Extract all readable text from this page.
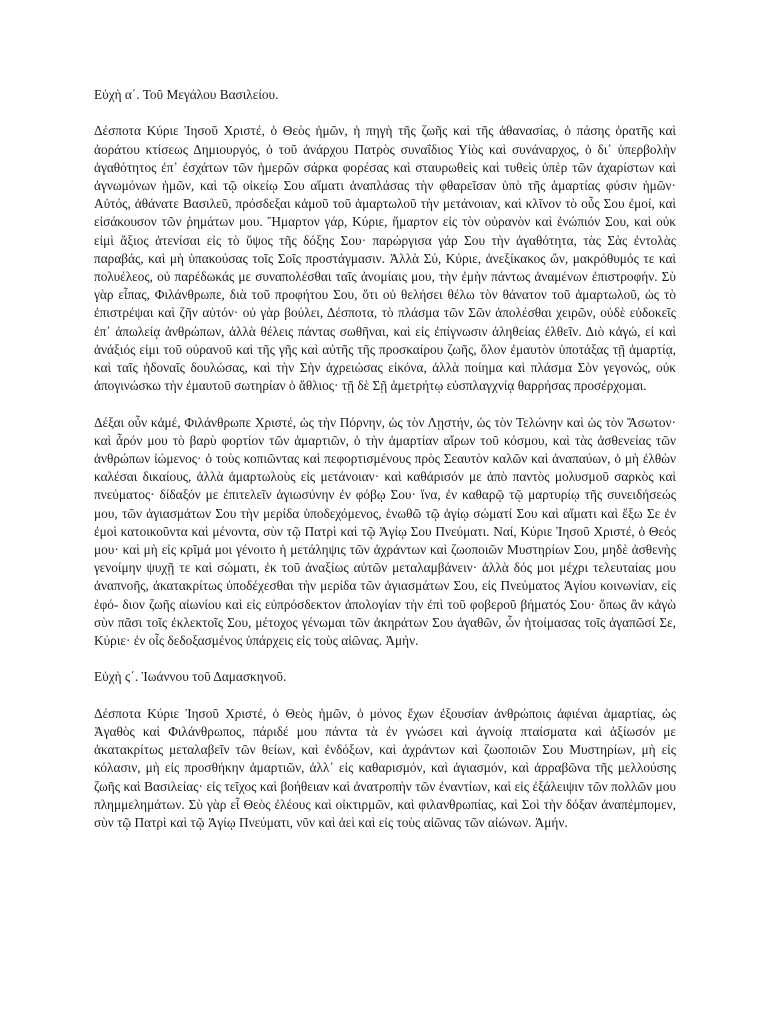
Εὐχὴ α΄. Τοῦ Μεγάλου Βασιλείου.

Δέσποτα Κύριε Ἰησοῦ Χριστέ, ὁ Θεὸς ἡμῶν, ἡ πηγὴ τῆς ζωῆς καὶ τῆς ἀθανασίας, ὁ πάσης ὁρατῆς καὶ ἀοράτου κτίσεως Δημιουργός, ὁ τοῦ ἀνάρχου Πατρὸς συναΐδιος Υἱὸς καὶ συνάναρχος, ὁ δι᾽ ὑπερβολὴν ἀγαθότητος ἐπ᾽ ἐσχάτων τῶν ἡμερῶν σάρκα φορέσας καὶ σταυρωθεὶς καὶ τυθεὶς ὑπὲρ τῶν ἀχαρίστων καὶ ἀγνωμόνων ἡμῶν, καὶ τῷ οἰκείῳ Σου αἵματι ἀναπλάσας τὴν φθαρεῖσαν ὑπὸ τῆς ἁμαρτίας φύσιν ἡμῶν· Αὐτός, ἀθάνατε Βασιλεῦ, πρόσδεξαι κἀμοῦ τοῦ ἁμαρτωλοῦ τὴν μετάνοιαν, καὶ κλῖνον τὸ οὖς Σου ἐμοί, καὶ εἰσάκουσον τῶν ῥημάτων μου. Ἥμαρτον γάρ, Κύριε, ἥμαρτον εἰς τὸν οὐρανὸν καὶ ἐνώπιόν Σου, καὶ οὐκ εἰμὶ ἄξιος ἀτενίσαι εἰς τὸ ὕψος τῆς δόξης Σου· παρώργισα γάρ Σου τὴν ἀγαθότητα, τὰς Σὰς ἐντολὰς παραβάς, καὶ μὴ ὑπακούσας τοῖς Σοῖς προστάγμασιν. Ἀλλὰ Σύ, Κύριε, ἀνεξίκακος ὤν, μακρόθυμός τε καὶ πολυέλεος, οὐ παρέδωκάς με συναπολέσθαι ταῖς ἀνομίαις μου, τὴν ἐμὴν πάντως ἀναμένων ἐπιστροφήν. Σὺ γὰρ εἶπας, Φιλάνθρωπε, διὰ τοῦ προφήτου Σου, ὅτι οὐ θελήσει θέλω τὸν θάνατον τοῦ ἁμαρτωλοῦ, ὡς τὸ ἐπιστρέψαι καὶ ζῆν αὐτόν· οὐ γὰρ βούλει, Δέσποτα, τὸ πλάσμα τῶν Σῶν ἀπολέσθαι χειρῶν, οὐδὲ εὐδοκεῖς ἐπ᾽ ἀπωλείᾳ ἀνθρώπων, ἀλλὰ θέλεις πάντας σωθῆναι, καὶ εἰς ἐπίγνωσιν ἀληθείας ἐλθεῖν. Διὸ κἀγώ, εἰ καὶ ἀνάξιός εἰμι τοῦ οὐρανοῦ καὶ τῆς γῆς καὶ αὐτῆς τῆς προσκαίρου ζωῆς, ὅλον ἐμαυτὸν ὑποτάξας τῇ ἁμαρτίᾳ, καὶ ταῖς ἡδοναῖς δουλώσας, καὶ τὴν Σὴν ἀχρειώσας εἰκόνα, ἀλλὰ ποίημα καὶ πλάσμα Σὸν γεγονώς, οὐκ ἀπογινώσκω τὴν ἐμαυτοῦ σωτηρίαν ὁ ἄθλιος· τῇ δὲ Σῇ ἀμετρήτῳ εὐσπλαγχνίᾳ θαρρήσας προσέρχομαι.

Δέξαι οὖν κἀμέ, Φιλάνθρωπε Χριστέ, ὡς τὴν Πόρνην, ὡς τὸν Λῃστήν, ὡς τὸν Τελώνην καὶ ὡς τὸν Ἄσωτον· καὶ ἆρόν μου τὸ βαρὺ φορτίον τῶν ἁμαρτιῶν, ὁ τὴν ἁμαρτίαν αἴρων τοῦ κόσμου, καὶ τὰς ἀσθενείας τῶν ἀνθρώπων ἰώμενος· ὁ τοὺς κοπιῶντας καὶ πεφορτισμένους πρὸς Σεαυτὸν καλῶν καὶ ἀναπαύων, ὁ μὴ ἐλθὼν καλέσαι δικαίους, ἀλλὰ ἁμαρτωλοὺς εἰς μετάνοιαν· καὶ καθάρισόν με ἀπὸ παντὸς μολυσμοῦ σαρκὸς καὶ πνεύματος· δίδαξόν με ἐπιτελεῖν ἁγιωσύνην ἐν φόβῳ Σου· ἵνα, ἐν καθαρῷ τῷ μαρτυρίῳ τῆς συνειδήσεώς μου, τῶν ἁγιασμάτων Σου τὴν μερίδα ὑποδεχόμενος, ἑνωθῶ τῷ ἁγίῳ σώματί Σου καὶ αἵματι καὶ ἕξω Σε ἐν ἐμοὶ κατοικοῦντα καὶ μένοντα, σὺν τῷ Πατρὶ καὶ τῷ Ἁγίῳ Σου Πνεύματι. Ναί, Κύριε Ἰησοῦ Χριστέ, ὁ Θεός μου· καὶ μὴ εἰς κρῖμά μοι γένοιτο ἡ μετάληψις τῶν ἀχράντων καὶ ζωοποιῶν Μυστηρίων Σου, μηδὲ ἀσθενὴς γενοίμην ψυχῇ τε καὶ σώματι, ἐκ τοῦ ἀναξίως αὐτῶν μεταλαμβάνειν· ἀλλὰ δός μοι μέχρι τελευταίας μου ἀναπνοῆς, ἀκατακρίτως ὑποδέχεσθαι τὴν μερίδα τῶν ἁγιασμάτων Σου, εἰς Πνεύματος Ἁγίου κοινωνίαν, εἰς ἐφό- διον ζωῆς αἰωνίου καὶ εἰς εὐπρόσδεκτον ἀπολογίαν τὴν ἐπὶ τοῦ φοβεροῦ βήματός Σου· ὅπως ἂν κἀγὼ σὺν πᾶσι τοῖς ἐκλεκτοῖς Σου, μέτοχος γένωμαι τῶν ἀκηράτων Σου ἀγαθῶν, ὧν ἡτοίμασας τοῖς ἀγαπῶσί Σε, Κύριε· ἐν οἷς δεδοξασμένος ὑπάρχεις εἰς τοὺς αἰῶνας. Ἀμήν.

Εὐχὴ ϛ΄. Ἰωάννου τοῦ Δαμασκηνοῦ.

Δέσποτα Κύριε Ἰησοῦ Χριστέ, ὁ Θεὸς ἡμῶν, ὁ μόνος ἔχων ἐξουσίαν ἀνθρώποις ἀφιέναι ἁμαρτίας, ὡς Ἀγαθὸς καὶ Φιλάνθρωπος, πάριδέ μου πάντα τὰ ἐν γνώσει καὶ ἀγνοίᾳ πταίσματα καὶ ἀξίωσόν με ἀκατακρίτως μεταλαβεῖν τῶν θείων, καὶ ἐνδόξων, καὶ ἀχράντων καὶ ζωοποιῶν Σου Μυστηρίων, μὴ εἰς κόλασιν, μὴ εἰς προσθήκην ἁμαρτιῶν, ἀλλ᾽ εἰς καθαρισμόν, καὶ ἁγιασμόν, καὶ ἀρραβῶνα τῆς μελλούσης ζωῆς καὶ Βασιλείας· εἰς τεῖχος καὶ βοήθειαν καὶ ἀνατροπὴν τῶν ἐναντίων, καὶ εἰς ἐξάλειψιν τῶν πολλῶν μου πλημμελημάτων. Σὺ γὰρ εἶ Θεὸς ἐλέους καὶ οἰκτιρμῶν, καὶ φιλανθρωπίας, καὶ Σοὶ τὴν δόξαν ἀναπέμπομεν, σὺν τῷ Πατρὶ καὶ τῷ Ἁγίῳ Πνεύματι, νῦν καὶ ἀεὶ καὶ εἰς τοὺς αἰῶνας τῶν αἰώνων. Ἀμήν.
